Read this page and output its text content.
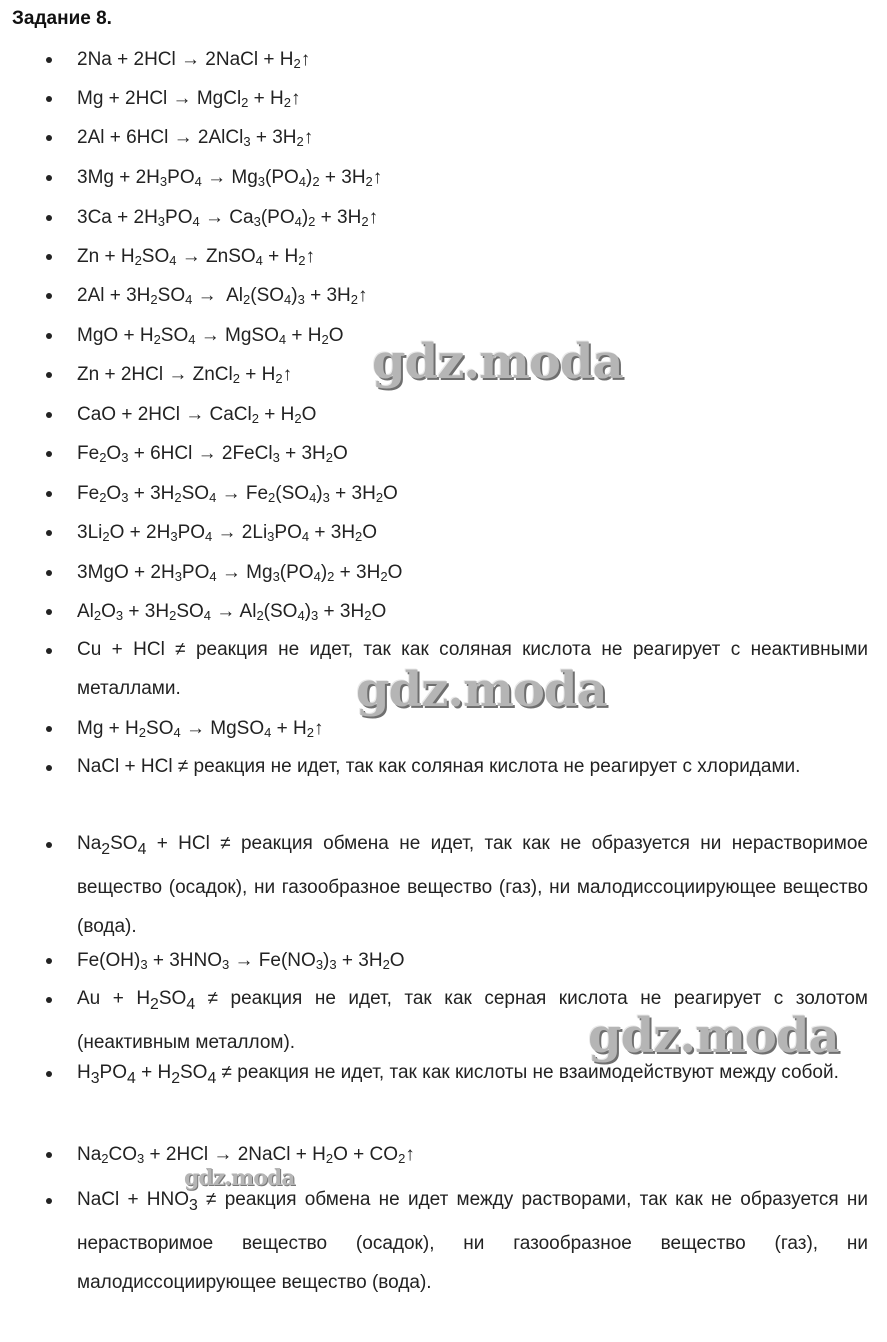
Задание 8.
2Na + 2HCl → 2NaCl + $H_2↑$
Mg + 2HCl → MgCl$_2$ + $H_2↑$
2Al + 6HCl → 2AlCl$_3$ + $3H_2↑$
$3Mg + 2H_3PO_4 \to Mg_3(PO_4)_2$ + $3H_2↑$
$3Ca + 2H_3PO_4 \to Ca_3(PO_4)_2$ + $3H_2↑$
$Zn + H_2SO_4$ → ZnSO$_4$ + $H_2↑$
$2Al + 3H_2SO_4 \to Al_2(SO_4)_3$ + $3H_2↑$
MgO + $H_2SO_4$ → MgSO$_4$ + $H_2O$
Zn + 2HCl → ZnCl$_2$ + $H_2↑$
CaO + 2HCl → CaCl$_2$ + $H_2O$
$Fe_2O_3 + 6HCl$ → 2FeCl$_3$ + $3H_2O$
$Fe_2O_3 + 3H_2SO_4 \to Fe_2(SO_4)_3 + 3H_2O$
$3Li_2O + 2H_3PO_4 \to 2Li_3PO_4 + 3H_2O$
$3MgO + 2H_3PO_4 \to Mg_3(PO_4)_2 + 3H_2O$
$Al_2O_3 + 3H_2SO_4 \to Al_2(SO_4)_3 + 3H_2O$
Cu + HCl ≠ реакция не идет, так как соляная кислота не реагирует с неактивными металлами.
$Mg + H_2SO_4$ → MgSO$_4$ + $H_2↑$
NaCl + HCl ≠ реакция не идет, так как соляная кислота не реагирует с хлоридами.
$Na_2SO_4$ + HCl ≠ реакция обмена не идет, так как не образуется ни нерастворимое вещество (осадок), ни газообразное вещество (газ), ни малодиссоциирующее вещество (вода).
$Fe(OH)_3 + 3HNO_3 \to Fe(NO_3)_3 + 3H_2O$
$Au + H_2SO_4$ ≠ реакция не идет, так как серная кислота не реагирует с золотом (неактивным металлом).
$H_3PO_4 + H_2SO_4$ ≠ реакция не идет, так как кислоты не взаимодействуют между собой.
$Na_2CO_3 + 2HCl$ → 2NaCl + $H_2O$ + $CO_2↑$
NaCl + $HNO_3$ ≠ реакция обмена не идет между растворами, так как не образуется ни нерастворимое вещество (осадок), ни газообразное вещество (газ), ни малодиссоциирующее вещество (вода).
gdz.moda
gdz.moda
gdz.moda
gdz.moda
